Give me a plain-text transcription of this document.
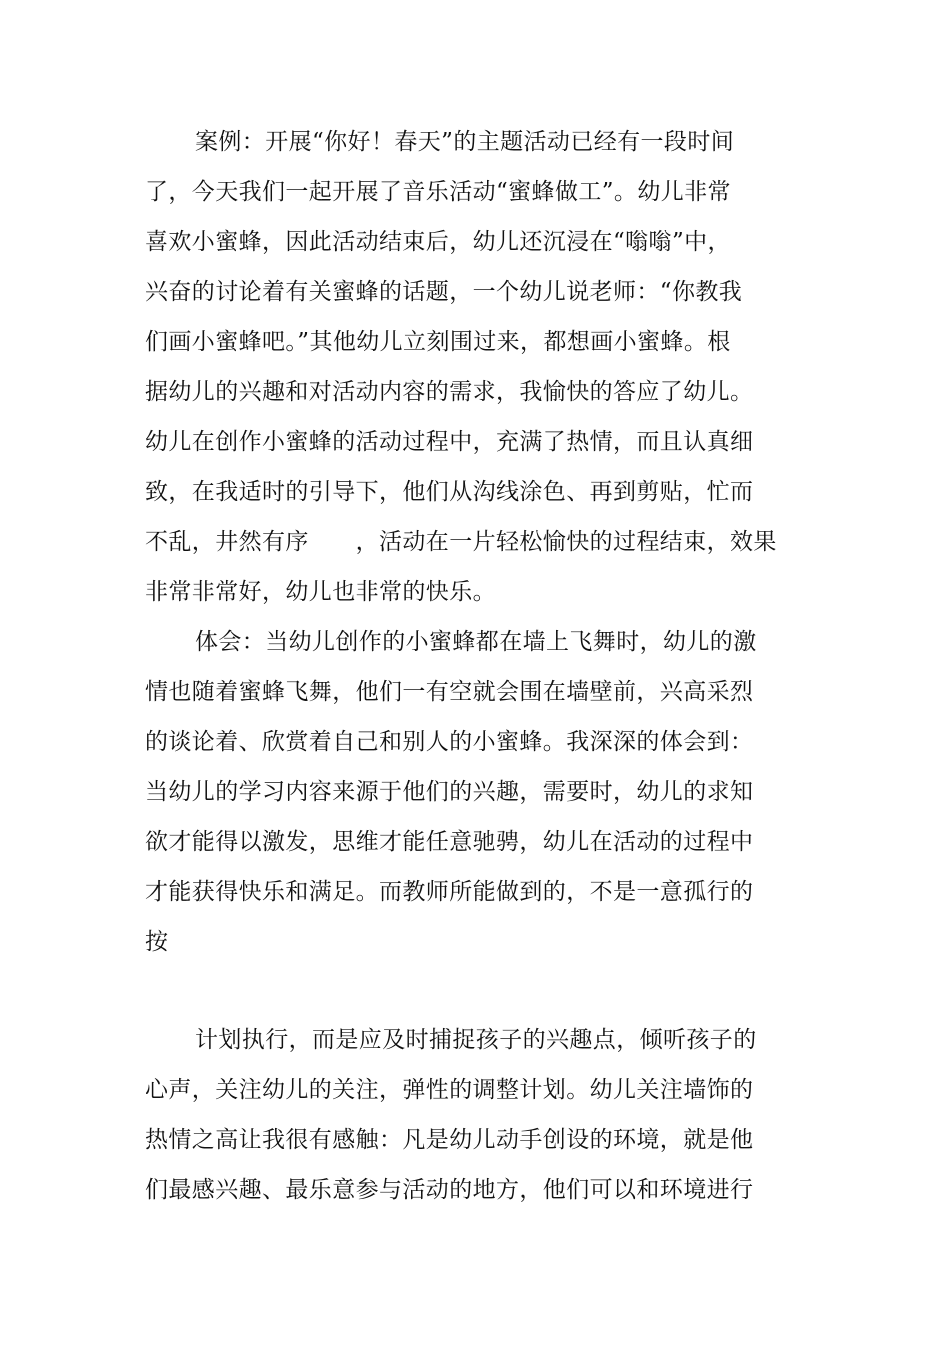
案例：开展“你好！春天”的主题活动已经有一段时间
了，今天我们一起开展了音乐活动“蜜蜂做工”。幼儿非常
喜欢小蜜蜂，因此活动结束后，幼儿还沉浸在“嗡嗡”中，
兴奋的讨论着有关蜜蜂的话题，一个幼儿说老师：“你教我
们画小蜜蜂吧。”其他幼儿立刻围过来，都想画小蜜蜂。根
据幼儿的兴趣和对活动内容的需求，我愉快的答应了幼儿。
幼儿在创作小蜜蜂的活动过程中，充满了热情，而且认真细
致，在我适时的引导下，他们从沟线涂色、再到剪贴，忙而
不乱，井然有序　　，活动在一片轻松愉快的过程结束，效果
非常非常好，幼儿也非常的快乐。
体会：当幼儿创作的小蜜蜂都在墙上飞舞时，幼儿的激
情也随着蜜蜂飞舞，他们一有空就会围在墙壁前，兴高采烈
的谈论着、欣赏着自己和别人的小蜜蜂。我深深的体会到：
当幼儿的学习内容来源于他们的兴趣，需要时，幼儿的求知
欲才能得以激发，思维才能任意驰骋，幼儿在活动的过程中
才能获得快乐和满足。而教师所能做到的，不是一意孤行的
按
计划执行，而是应及时捕捉孩子的兴趣点，倾听孩子的
心声，关注幼儿的关注，弹性的调整计划。幼儿关注墙饰的
热情之高让我很有感触：凡是幼儿动手创设的环境，就是他
们最感兴趣、最乐意参与活动的地方，他们可以和环境进行
